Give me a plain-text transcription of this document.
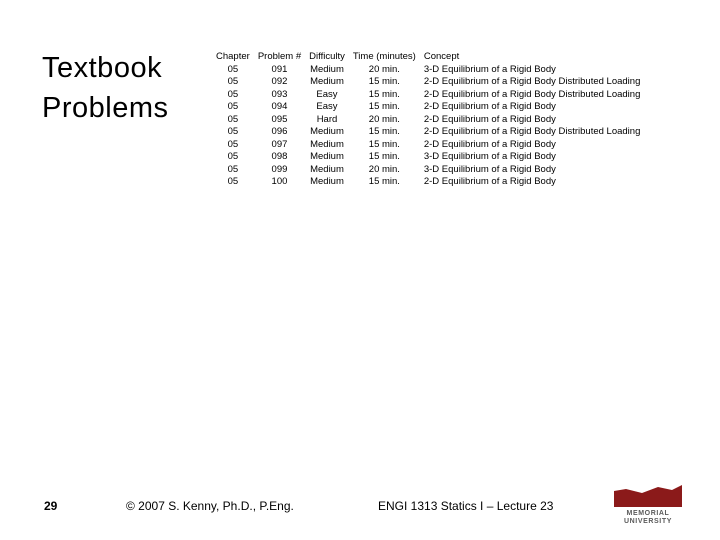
Textbook
Problems
Chapter	Problem #	Difficulty	Time (minutes)	Concept
05	091	Medium	20 min.	3-D Equilibrium of a Rigid Body
05	092	Medium	15 min.	2-D Equilibrium of a Rigid Body Distributed Loading
05	093	Easy	15 min.	2-D Equilibrium of a Rigid Body Distributed Loading
05	094	Easy	15 min.	2-D Equilibrium of a Rigid Body
05	095	Hard	20 min.	2-D Equilibrium of a Rigid Body
05	096	Medium	15 min.	2-D Equilibrium of a Rigid Body Distributed Loading
05	097	Medium	15 min.	2-D Equilibrium of a Rigid Body
05	098	Medium	15 min.	3-D Equilibrium of a Rigid Body
05	099	Medium	20 min.	3-D Equilibrium of a Rigid Body
05	100	Medium	15 min.	2-D Equilibrium of a Rigid Body
29	© 2007 S. Kenny, Ph.D., P.Eng.	ENGI 1313 Statics I – Lecture 23
MEMORIAL
UNIVERSITY
